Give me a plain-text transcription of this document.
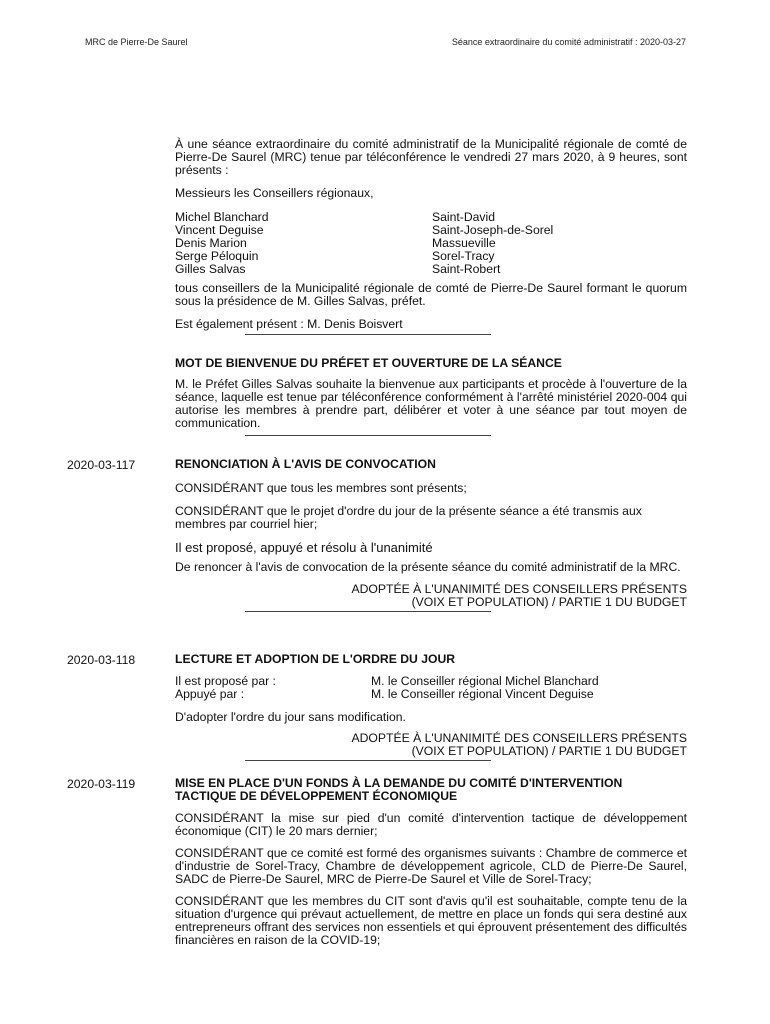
MRC de Pierre-De Saurel	Séance extraordinaire du comité administratif : 2020-03-27

À une séance extraordinaire du comité administratif de la Municipalité régionale de comté de Pierre-De Saurel (MRC) tenue par téléconférence le vendredi 27 mars 2020, à 9 heures, sont présents :

Messieurs les Conseillers régionaux,

Michel Blanchard	Saint-David
Vincent Deguise	Saint-Joseph-de-Sorel
Denis Marion	Massueville
Serge Péloquin	Sorel-Tracy
Gilles Salvas	Saint-Robert

tous conseillers de la Municipalité régionale de comté de Pierre-De Saurel formant le quorum sous la présidence de M. Gilles Salvas, préfet.

Est également présent : M. Denis Boisvert

MOT DE BIENVENUE DU PRÉFET ET OUVERTURE DE LA SÉANCE

M. le Préfet Gilles Salvas souhaite la bienvenue aux participants et procède à l'ouverture de la séance, laquelle est tenue par téléconférence conformément à l'arrêté ministériel 2020-004 qui autorise les membres à prendre part, délibérer et voter à une séance par tout moyen de communication.

2020-03-117	RENONCIATION À L'AVIS DE CONVOCATION

CONSIDÉRANT que tous les membres sont présents;

CONSIDÉRANT que le projet d'ordre du jour de la présente séance a été transmis aux membres par courriel hier;

Il est proposé, appuyé et résolu à l'unanimité

De renoncer à l'avis de convocation de la présente séance du comité administratif de la MRC.

ADOPTÉE À L'UNANIMITÉ DES CONSEILLERS PRÉSENTS

(VOIX ET POPULATION) / PARTIE 1 DU BUDGET

2020-03-118	LECTURE ET ADOPTION DE L'ORDRE DU JOUR

Il est proposé par :	M. le Conseiller régional Michel Blanchard
Appuyé par :	M. le Conseiller régional Vincent Deguise

D'adopter l'ordre du jour sans modification.

ADOPTÉE À L'UNANIMITÉ DES CONSEILLERS PRÉSENTS

(VOIX ET POPULATION) / PARTIE 1 DU BUDGET

2020-03-119	MISE EN PLACE D'UN FONDS À LA DEMANDE DU COMITÉ D'INTERVENTION TACTIQUE DE DÉVELOPPEMENT ÉCONOMIQUE

CONSIDÉRANT la mise sur pied d'un comité d'intervention tactique de développement économique (CIT) le 20 mars dernier;

CONSIDÉRANT que ce comité est formé des organismes suivants : Chambre de commerce et d'industrie de Sorel-Tracy, Chambre de développement agricole, CLD de Pierre-De Saurel, SADC de Pierre-De Saurel, MRC de Pierre-De Saurel et Ville de Sorel-Tracy;

CONSIDÉRANT que les membres du CIT sont d'avis qu'il est souhaitable, compte tenu de la situation d'urgence qui prévaut actuellement, de mettre en place un fonds qui sera destiné aux entrepreneurs offrant des services non essentiels et qui éprouvent présentement des difficultés financières en raison de la COVID-19;
